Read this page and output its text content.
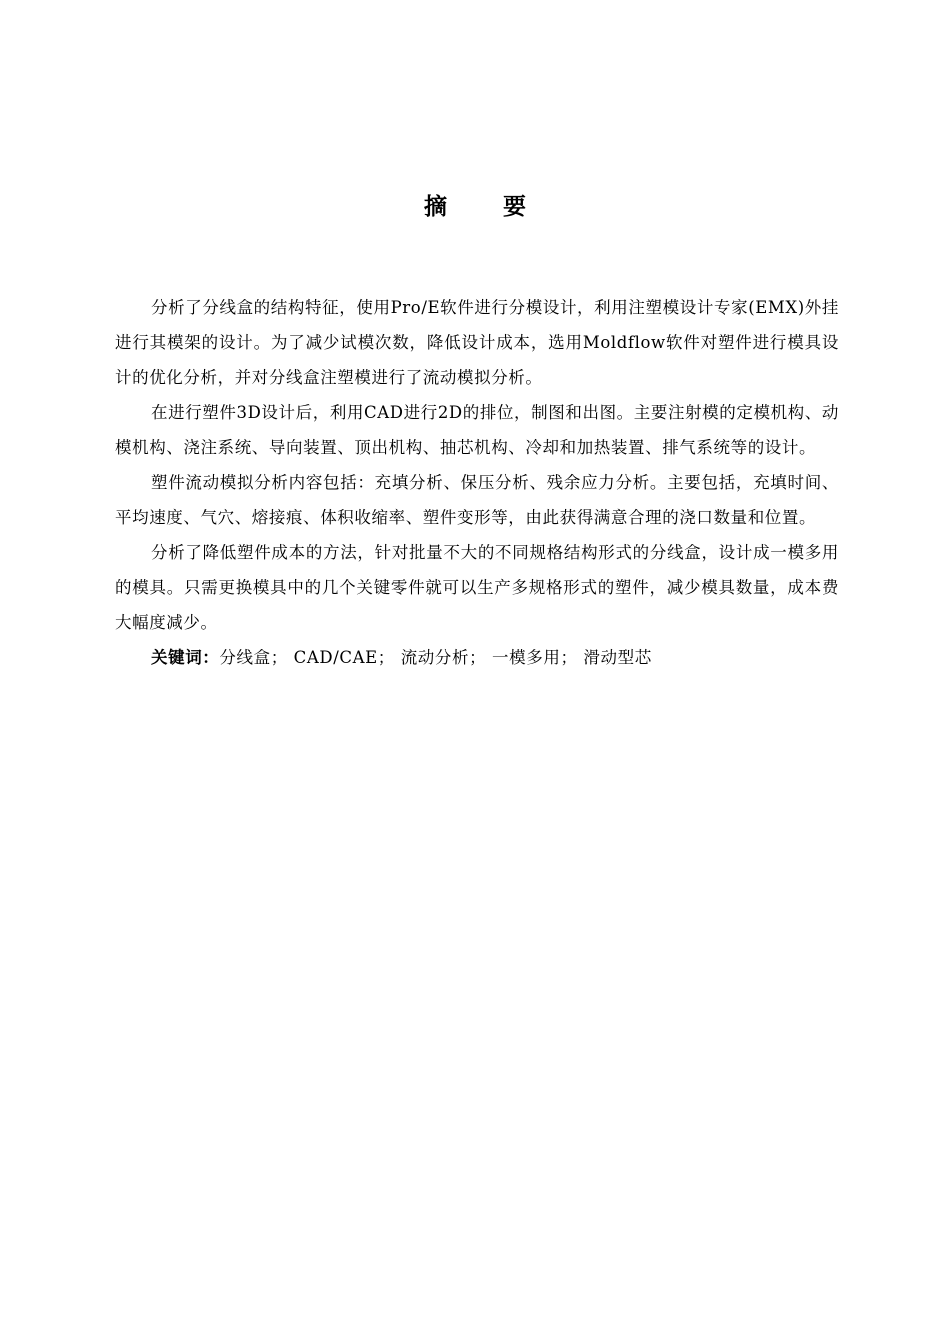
摘 要

分析了分线盒的结构特征，使用Pro/E软件进行分模设计，利用注塑模设计专家(EMX)外挂进行其模架的设计。为了减少试模次数，降低设计成本，选用Moldflow软件对塑件进行模具设计的优化分析，并对分线盒注塑模进行了流动模拟分析。

在进行塑件3D设计后，利用CAD进行2D的排位，制图和出图。主要注射模的定模机构、动模机构、浇注系统、导向装置、顶出机构、抽芯机构、冷却和加热装置、排气系统等的设计。

塑件流动模拟分析内容包括：充填分析、保压分析、残余应力分析。主要包括，充填时间、平均速度、气穴、熔接痕、体积收缩率、塑件变形等，由此获得满意合理的浇口数量和位置。

分析了降低塑件成本的方法，针对批量不大的不同规格结构形式的分线盒，设计成一模多用的模具。只需更换模具中的几个关键零件就可以生产多规格形式的塑件，减少模具数量，成本费大幅度减少。

关键词：分线盒； CAD/CAE； 流动分析； 一模多用； 滑动型芯
